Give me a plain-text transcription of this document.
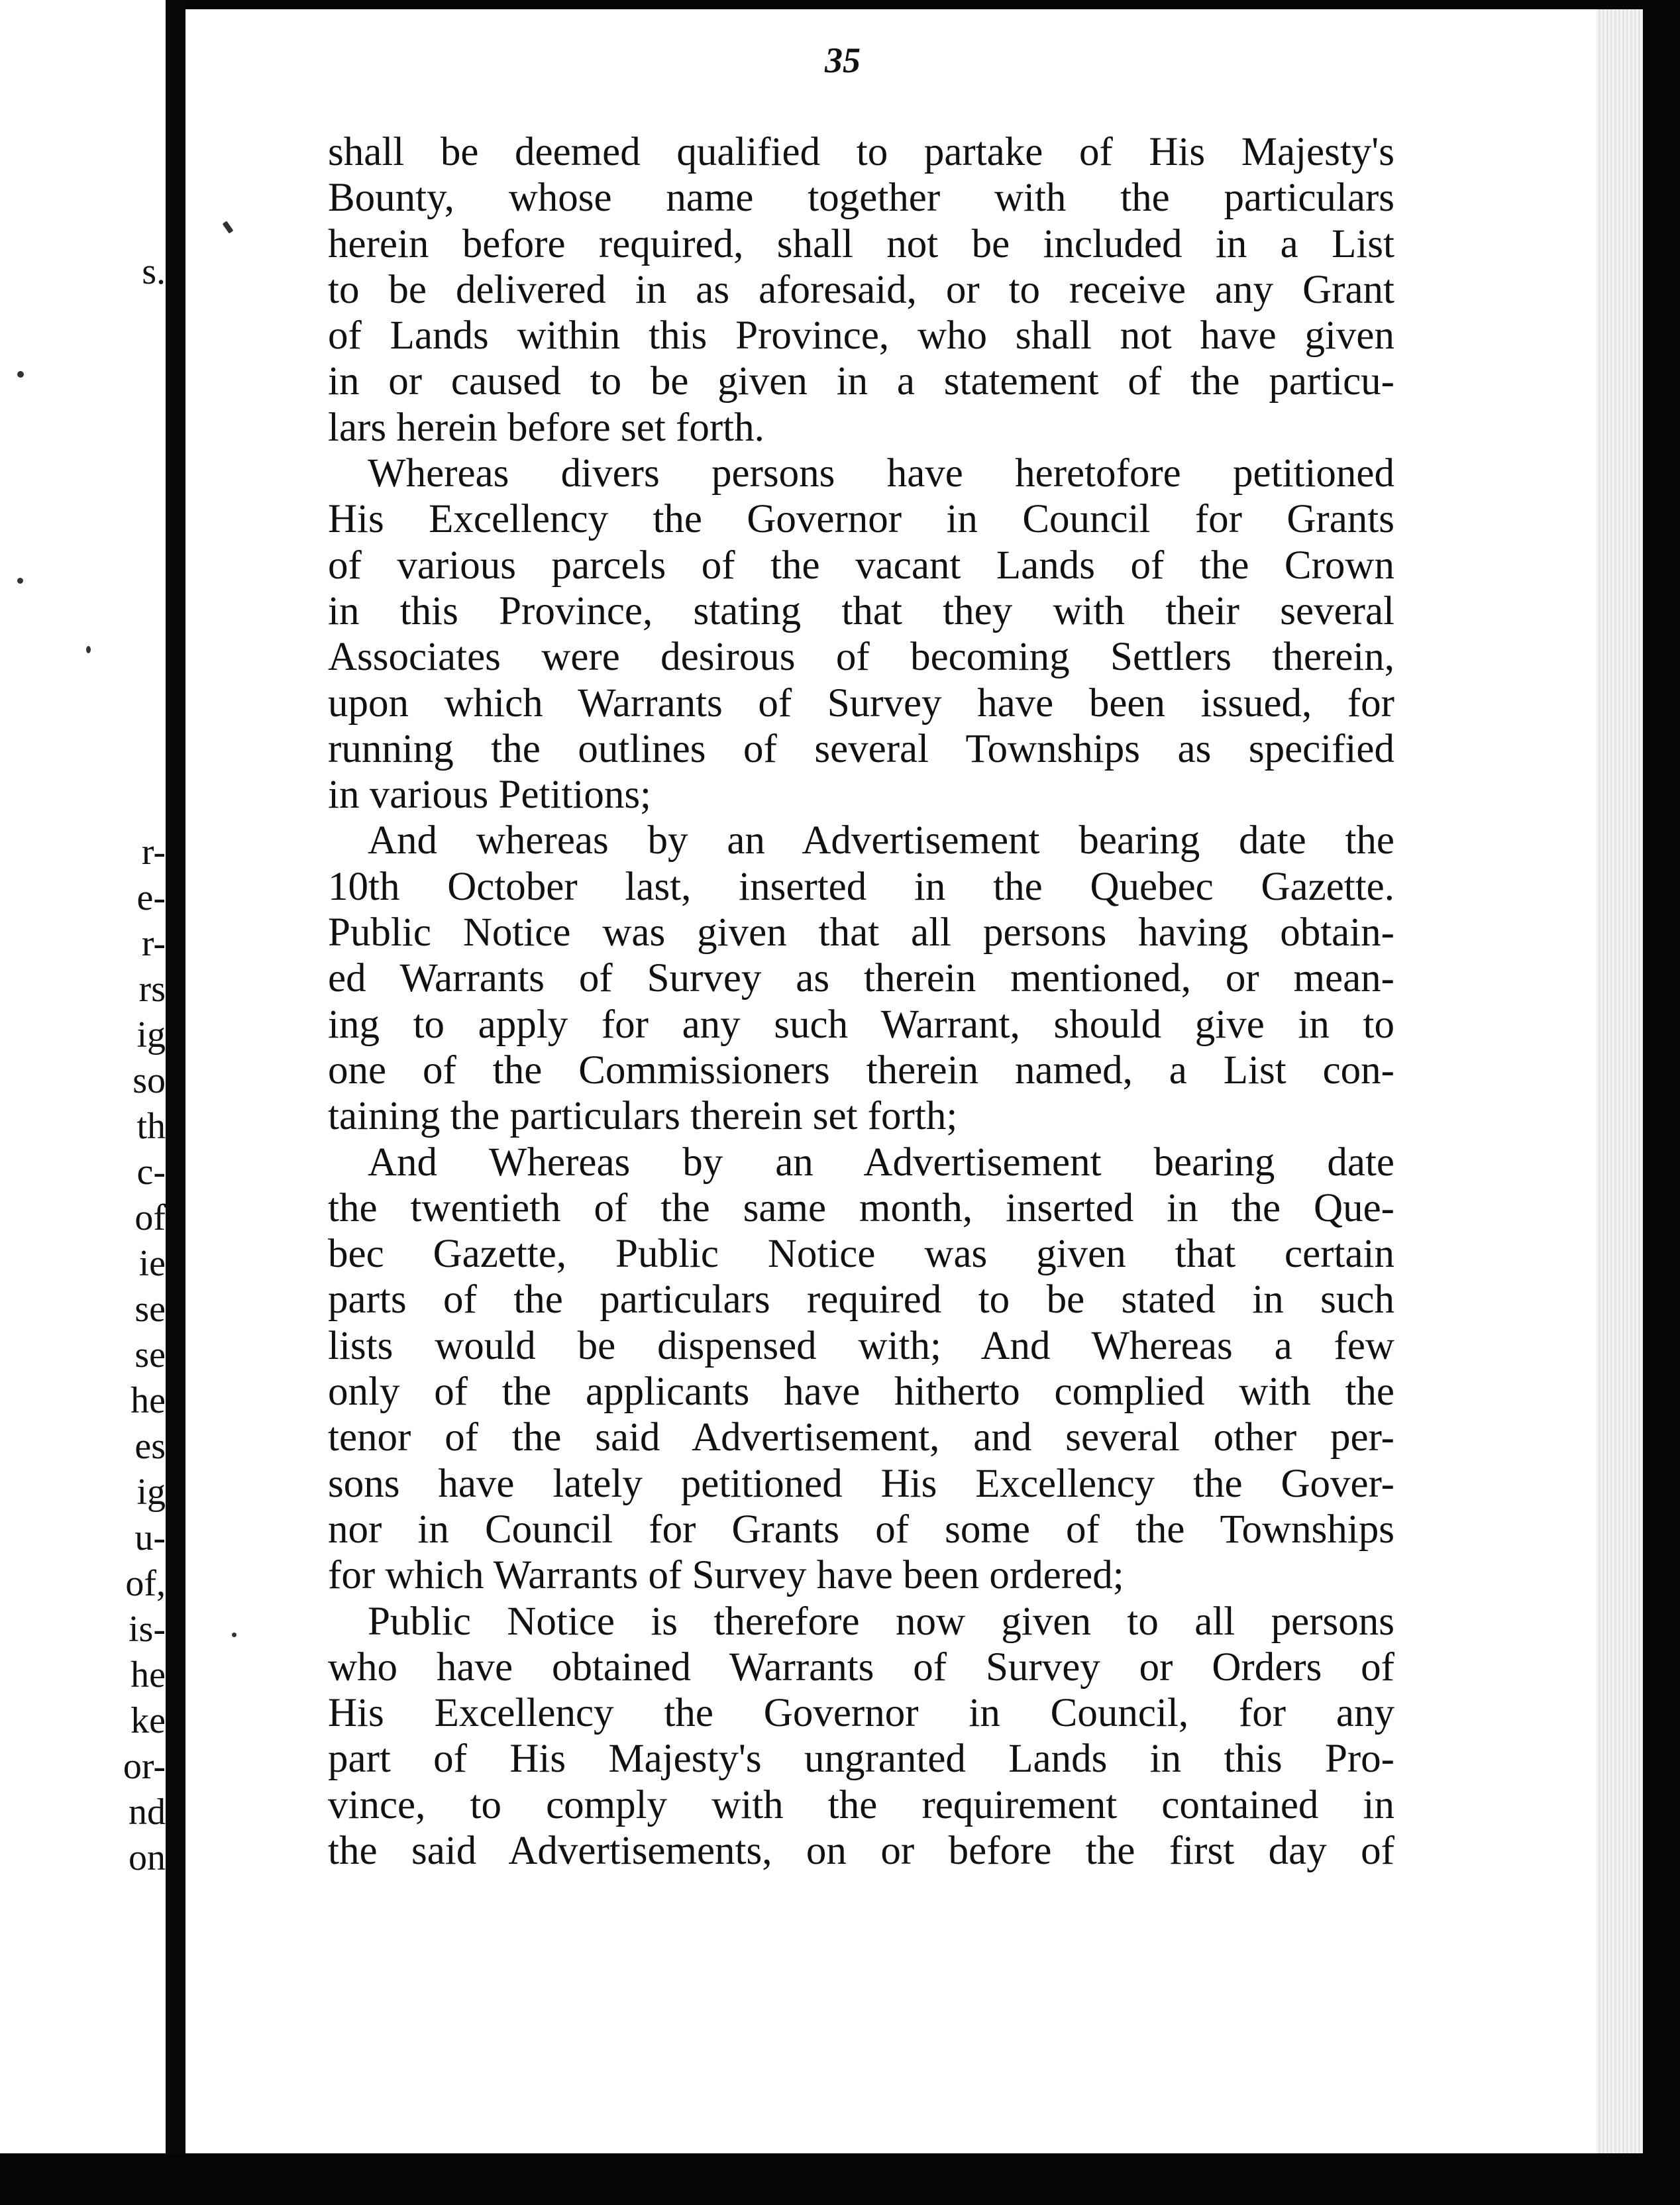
s.
r-
e-
r-
rs
ig
so
th
c-
of
ie
se
se
he
es
ig
u-
of,
is-
he
ke
or-
nd
on
35
shall be deemed qualified to partake of His Majesty's
Bounty, whose name together with the particulars
herein before required, shall not be included in a List
to be delivered in as aforesaid, or to receive any Grant
of Lands within this Province, who shall not have given
in or caused to be given in a statement of the particu-
lars herein before set forth.
Whereas divers persons have heretofore petitioned
His Excellency the Governor in Council for Grants
of various parcels of the vacant Lands of the Crown
in this Province, stating that they with their several
Associates were desirous of becoming Settlers therein,
upon which Warrants of Survey have been issued, for
running the outlines of several Townships as specified
in various Petitions;
And whereas by an Advertisement bearing date the
10th October last, inserted in the Quebec Gazette.
Public Notice was given that all persons having obtain-
ed Warrants of Survey as therein mentioned, or mean-
ing to apply for any such Warrant, should give in to
one of the Commissioners therein named, a List con-
taining the particulars therein set forth;
And Whereas by an Advertisement bearing date
the twentieth of the same month, inserted in the Que-
bec Gazette, Public Notice was given that certain
parts of the particulars required to be stated in such
lists would be dispensed with; And Whereas a few
only of the applicants have hitherto complied with the
tenor of the said Advertisement, and several other per-
sons have lately petitioned His Excellency the Gover-
nor in Council for Grants of some of the Townships
for which Warrants of Survey have been ordered;
Public Notice is therefore now given to all persons
who have obtained Warrants of Survey or Orders of
His Excellency the Governor in Council, for any
part of His Majesty's ungranted Lands in this Pro-
vince, to comply with the requirement contained in
the said Advertisements, on or before the first day of
